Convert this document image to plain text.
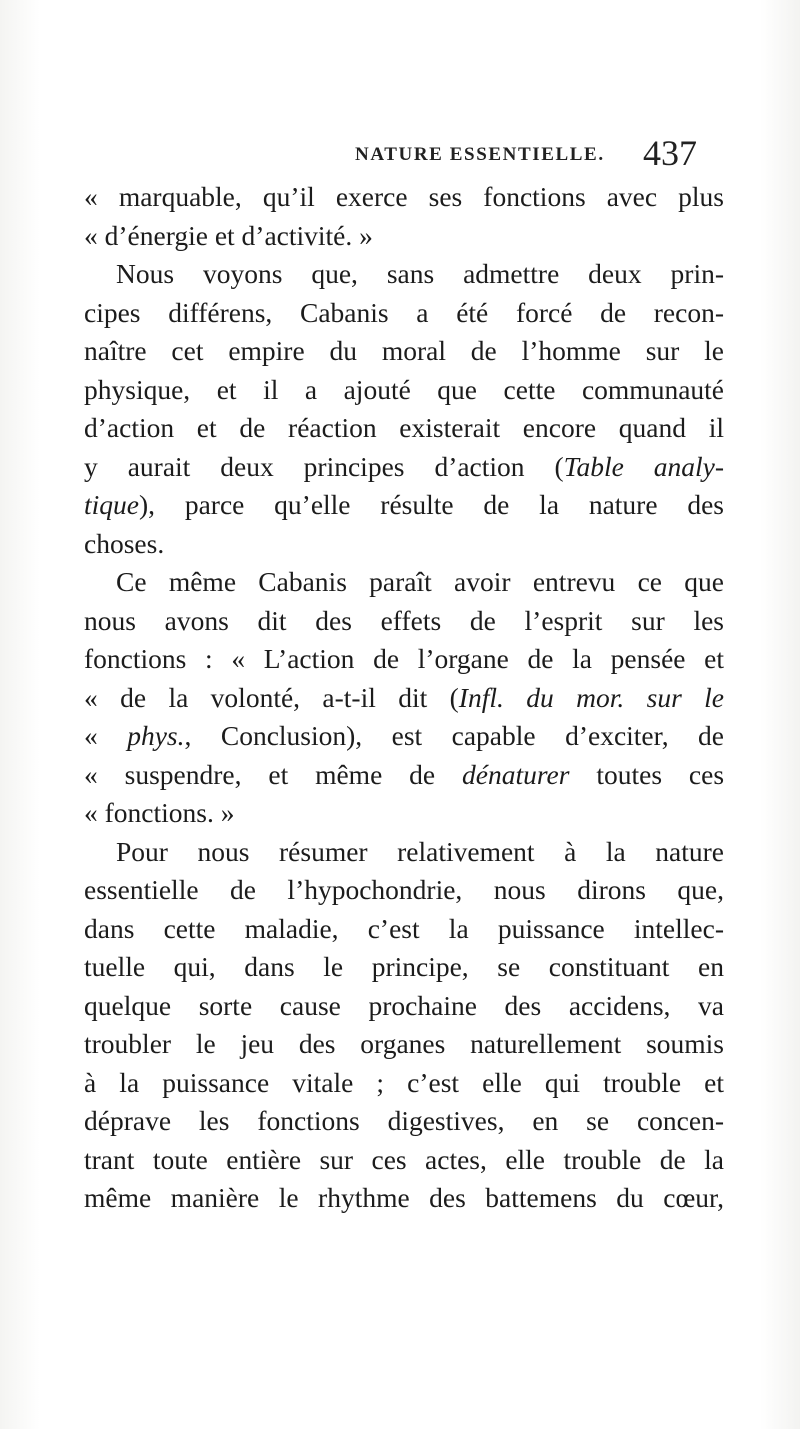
NATURE ESSENTIELLE. 437
« marquable, qu’il exerce ses fonctions avec plus
« d’énergie et d’activité. »
Nous voyons que, sans admettre deux prin-
cipes différens, Cabanis a été forcé de recon-
naître cet empire du moral de l’homme sur le
physique, et il a ajouté que cette communauté
d’action et de réaction existerait encore quand il
y aurait deux principes d’action (Table analy-
tique), parce qu’elle résulte de la nature des
choses.
Ce même Cabanis paraît avoir entrevu ce que
nous avons dit des effets de l’esprit sur les
fonctions : « L’action de l’organe de la pensée et
« de la volonté, a-t-il dit (Infl. du mor. sur le
« phys., Conclusion), est capable d’exciter, de
« suspendre, et même de dénaturer toutes ces
« fonctions. »
Pour nous résumer relativement à la nature
essentielle de l’hypochondrie, nous dirons que,
dans cette maladie, c’est la puissance intellec-
tuelle qui, dans le principe, se constituant en
quelque sorte cause prochaine des accidens, va
troubler le jeu des organes naturellement soumis
à la puissance vitale ; c’est elle qui trouble et
déprave les fonctions digestives, en se concen-
trant toute entière sur ces actes, elle trouble de la
même manière le rhythme des battemens du cœur,
